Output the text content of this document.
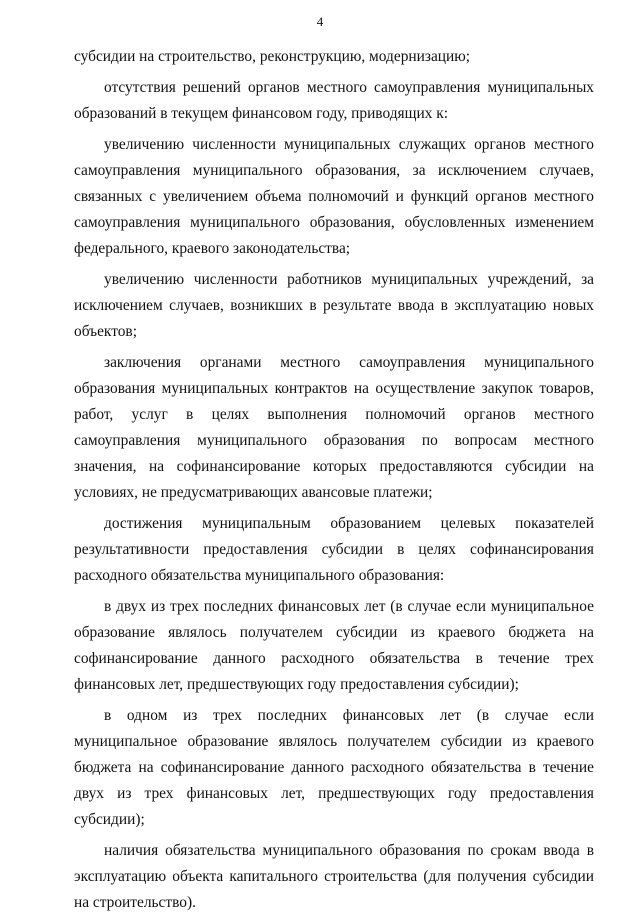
4

субсидии на строительство, реконструкцию, модернизацию;

отсутствия решений органов местного самоуправления муниципальных образований в текущем финансовом году, приводящих к:

увеличению численности муниципальных служащих органов местного самоуправления муниципального образования, за исключением случаев, связанных с увеличением объема полномочий и функций органов местного самоуправления муниципального образования, обусловленных изменением федерального, краевого законодательства;

увеличению численности работников муниципальных учреждений, за исключением случаев, возникших в результате ввода в эксплуатацию новых объектов;

заключения органами местного самоуправления муниципального образования муниципальных контрактов на осуществление закупок товаров, работ, услуг в целях выполнения полномочий органов местного самоуправления муниципального образования по вопросам местного значения, на софинансирование которых предоставляются субсидии на условиях, не предусматривающих авансовые платежи;

достижения муниципальным образованием целевых показателей результативности предоставления субсидии в целях софинансирования расходного обязательства муниципального образования:

в двух из трех последних финансовых лет (в случае если муниципальное образование являлось получателем субсидии из краевого бюджета на софинансирование данного расходного обязательства в течение трех финансовых лет, предшествующих году предоставления субсидии);

в одном из трех последних финансовых лет (в случае если муниципальное образование являлось получателем субсидии из краевого бюджета на софинансирование данного расходного обязательства в течение двух из трех финансовых лет, предшествующих году предоставления субсидии);

наличия обязательства муниципального образования по срокам ввода в эксплуатацию объекта капитального строительства (для получения субсидии на строительство).
